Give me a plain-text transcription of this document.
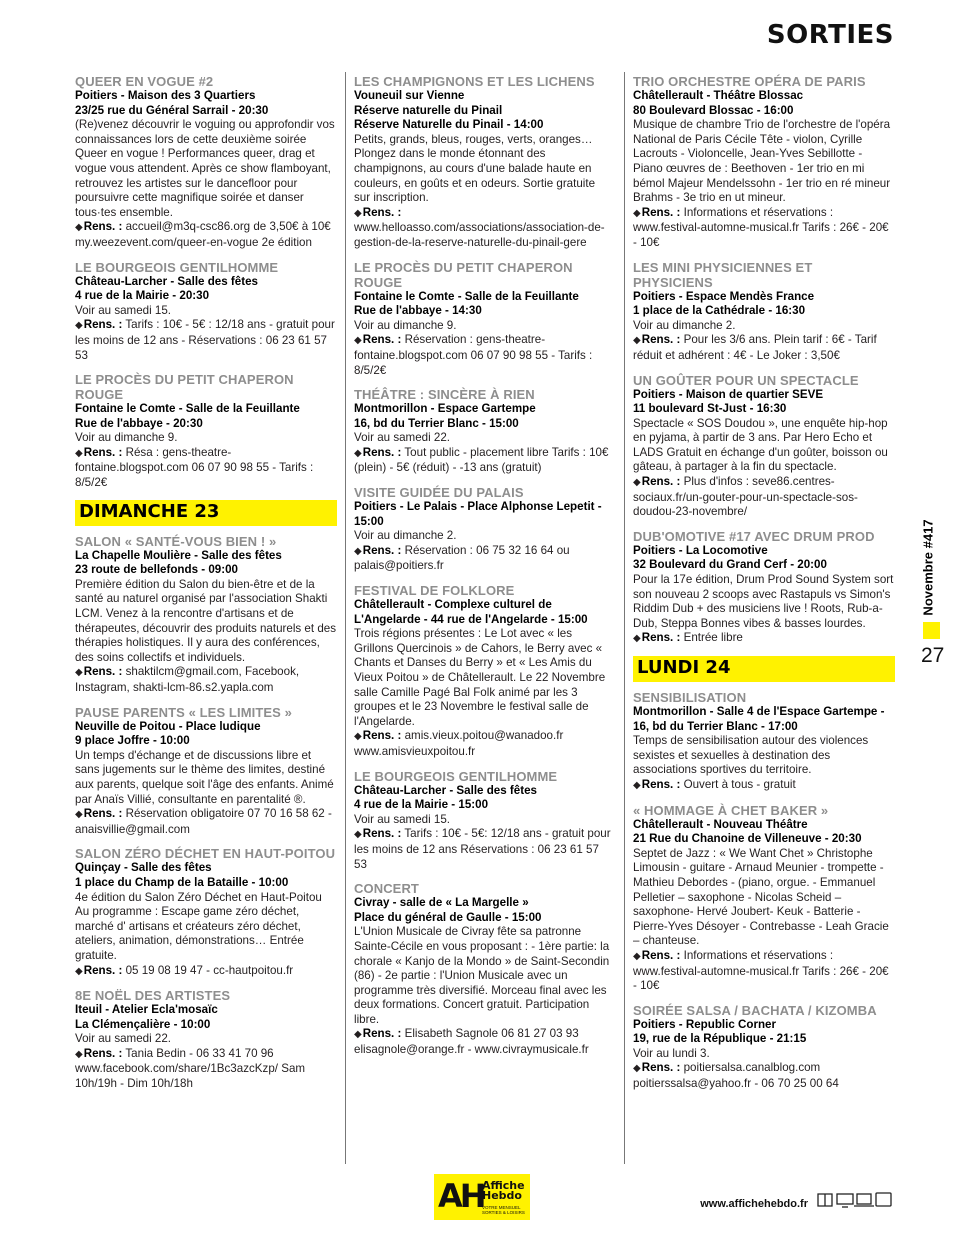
SORTIES
QUEER EN VOGUE #2
Poitiers - Maison des 3 Quartiers
23/25 rue du Général Sarrail - 20:30
(Re)venez découvrir le voguing ou approfondir vos connaissances lors de cette deuxième soirée Queer en vogue ! Performances queer, drag et vogue vous attendent. Après ce show flamboyant, retrouvez les artistes sur le dancefloor pour poursuivre cette magnifique soirée et danser tous·tes ensemble.
◆Rens. : accueil@m3q-csc86.org de 3,50€ à 10€ my.weezevent.com/queer-en-vogue 2e édition
LE BOURGEOIS GENTILHOMME
Château-Larcher - Salle des fêtes
4 rue de la Mairie - 20:30
Voir au samedi 15.
◆Rens. : Tarifs : 10€ - 5€ : 12/18 ans - gratuit pour les moins de 12 ans - Réservations : 06 23 61 57 53
LE PROCÈS DU PETIT CHAPERON ROUGE
Fontaine le Comte - Salle de la Feuillante
Rue de l'abbaye - 20:30
Voir au dimanche 9.
◆Rens. : Résa : gens-theatre-fontaine.blogspot.com 06 07 90 98 55 - Tarifs : 8/5/2€
DIMANCHE 23
SALON « SANTÉ-VOUS BIEN ! »
La Chapelle Moulière - Salle des fêtes
23 route de bellefonds - 09:00
Première édition du Salon du bien-être et de la santé au naturel organisé par l'association Shakti LCM. Venez à la rencontre d'artisans et de thérapeutes, découvrir des produits naturels et des thérapies holistiques. Il y aura des conférences, des soins collectifs et individuels.
◆Rens. : shaktilcm@gmail.com, Facebook, Instagram, shakti-lcm-86.s2.yapla.com
PAUSE PARENTS « LES LIMITES »
Neuville de Poitou - Place ludique
9 place Joffre - 10:00
Un temps d'échange et de discussions libre et sans jugements sur le thème des limites, destiné aux parents, quelque soit l'âge des enfants. Animé par Anaïs Villié, consultante en parentalité ®.
◆Rens. : Réservation obligatoire 07 70 16 58 62 - anaisvillie@gmail.com
SALON ZÉRO DÉCHET EN HAUT-POITOU
Quinçay - Salle des fêtes
1 place du Champ de la Bataille - 10:00
4e édition du Salon Zéro Déchet en Haut-Poitou Au programme : Escape game zéro déchet, marché d' artisans et créateurs zéro déchet, ateliers, animation, démonstrations… Entrée gratuite.
◆Rens. : 05 19 08 19 47 - cc-hautpoitou.fr
8E NOËL DES ARTISTES
Iteuil - Atelier Ecla'mosaïc
La Clémençalière - 10:00
Voir au samedi 22.
◆Rens. : Tania Bedin - 06 33 41 70 96 www.facebook.com/share/1Bc3azcKzp/ Sam 10h/19h - Dim 10h/18h
LES CHAMPIGNONS ET LES LICHENS
Vouneuil sur Vienne
Réserve naturelle du Pinail
Réserve Naturelle du Pinail - 14:00
Petits, grands, bleus, rouges, verts, oranges… Plongez dans le monde étonnant des champignons, au cours d'une balade haute en couleurs, en goûts et en odeurs. Sortie gratuite sur inscription.
◆Rens. : www.helloasso.com/associations/association-de-gestion-de-la-reserve-naturelle-du-pinail-gere
LE PROCÈS DU PETIT CHAPERON ROUGE
Fontaine le Comte - Salle de la Feuillante
Rue de l'abbaye - 14:30
Voir au dimanche 9.
◆Rens. : Réservation : gens-theatre-fontaine.blogspot.com 06 07 90 98 55 - Tarifs : 8/5/2€
THÉÂTRE : SINCÈRE À RIEN
Montmorillon - Espace Gartempe
16, bd du Terrier Blanc - 15:00
Voir au samedi 22.
◆Rens. : Tout public - placement libre Tarifs : 10€ (plein) - 5€ (réduit) - -13 ans (gratuit)
VISITE GUIDÉE DU PALAIS
Poitiers - Le Palais - Place Alphonse Lepetit - 15:00
Voir au dimanche 2.
◆Rens. : Réservation : 06 75 32 16 64 ou palais@poitiers.fr
FESTIVAL DE FOLKLORE
Châtellerault - Complexe culturel de L'Angelarde - 44 rue de l'Angelarde - 15:00
Trois régions présentes : Le Lot avec « les Grillons Quercinois » de Cahors, le Berry avec « Chants et Danses du Berry » et « Les Amis du Vieux Poitou » de Châtellerault. Le 22 Novembre salle Camille Pagé Bal Folk animé par les 3 groupes et le 23 Novembre le festival salle de l'Angelarde.
◆Rens. : amis.vieux.poitou@wanadoo.fr www.amisvieuxpoitou.fr
LE BOURGEOIS GENTILHOMME
Château-Larcher - Salle des fêtes
4 rue de la Mairie - 15:00
Voir au samedi 15.
◆Rens. : Tarifs : 10€ - 5€: 12/18 ans - gratuit pour les moins de 12 ans Réservations : 06 23 61 57 53
CONCERT
Civray - salle de « La Margelle »
Place du général de Gaulle - 15:00
L'Union Musicale de Civray fête sa patronne Sainte-Cécile en vous proposant : - 1ère partie: la chorale « Kanjo de la Mondo » de Saint-Secondin (86) - 2e partie : l'Union Musicale avec un programme très diversifié. Morceau final avec les deux formations. Concert gratuit. Participation libre.
◆Rens. : Elisabeth Sagnole 06 81 27 03 93 elisagnole@orange.fr - www.civraymusicale.fr
TRIO ORCHESTRE OPÉRA DE PARIS
Châtellerault - Théâtre Blossac
80 Boulevard Blossac - 16:00
Musique de chambre Trio de l'orchestre de l'opéra National de Paris Cécile Tête - violon, Cyrille Lacrouts - Violoncelle, Jean-Yves Sebillotte - Piano œuvres de : Beethoven - 1er trio en mi bémol Majeur Mendelssohn - 1er trio en ré mineur Brahms - 3e trio en ut mineur.
◆Rens. : Informations et réservations : www.festival-automne-musical.fr Tarifs : 26€ - 20€ - 10€
LES MINI PHYSICIENNES ET PHYSICIENS
Poitiers - Espace Mendès France
1 place de la Cathédrale - 16:30
Voir au dimanche 2.
◆Rens. : Pour les 3/6 ans. Plein tarif : 6€ - Tarif réduit et adhérent : 4€ - Le Joker : 3,50€
UN GOÛTER POUR UN SPECTACLE
Poitiers - Maison de quartier SEVE
11 boulevard St-Just - 16:30
Spectacle « SOS Doudou », une enquête hip-hop en pyjama, à partir de 3 ans. Par Hero Echo et LADS Gratuit en échange d'un goûter, boisson ou gâteau, à partager à la fin du spectacle.
◆Rens. : Plus d'infos : seve86.centres-sociaux.fr/un-gouter-pour-un-spectacle-sos-doudou-23-novembre/
DUB'OMOTIVE #17 AVEC DRUM PROD
Poitiers - La Locomotive
32 Boulevard du Grand Cerf - 20:00
Pour la 17e édition, Drum Prod Sound System sort son nouveau 2 scoops avec Rastapuls vs Simon's Riddim Dub + des musiciens live ! Roots, Rub-a-Dub, Steppa Bonnes vibes & basses lourdes.
◆Rens. : Entrée libre
LUNDI 24
SENSIBILISATION
Montmorillon - Salle 4 de l'Espace Gartempe - 16, bd du Terrier Blanc - 17:00
Temps de sensibilisation autour des violences sexistes et sexuelles à destination des associations sportives du territoire.
◆Rens. : Ouvert à tous - gratuit
« HOMMAGE À CHET BAKER »
Châtellerault - Nouveau Théâtre
21 Rue du Chanoine de Villeneuve - 20:30
Septet de Jazz : « We Want Chet » Christophe Limousin - guitare - Arnaud Meunier - trompette - Mathieu Debordes - (piano, orgue. - Emmanuel Pelletier – saxophone - Nicolas Scheid – saxophone- Hervé Joubert- Keuk - Batterie - Pierre-Yves Désoyer - Contrebasse - Leah Gracie – chanteuse.
◆Rens. : Informations et réservations : www.festival-automne-musical.fr Tarifs : 26€ - 20€ - 10€
SOIRÉE SALSA / BACHATA / KIZOMBA
Poitiers - Republic Corner
19, rue de la République - 21:15
Voir au lundi 3.
◆Rens. : poitiersalsa.canalblog.com poitierssalsa@yahoo.fr - 06 70 25 00 64
Novembre #417
27
AH
Affiche
Hebdo
VOTRE MENSUEL SORTIES & LOISIRS
www.affichehebdo.fr
